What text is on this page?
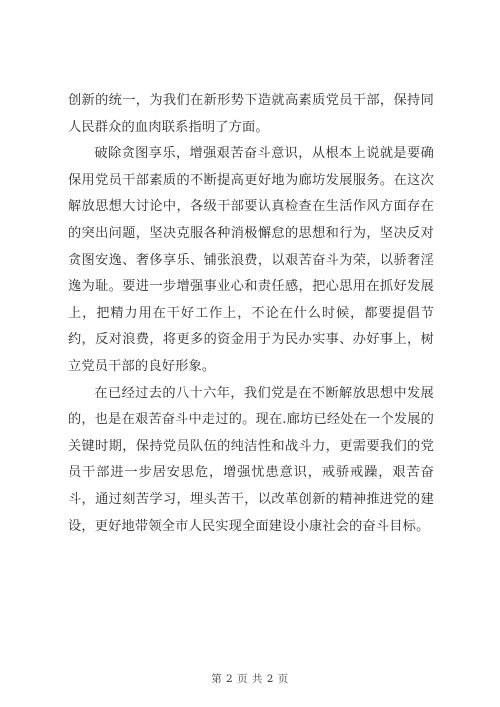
创新的统一，为我们在新形势下造就高素质党员干部，保持同人民群众的血肉联系指明了方面。

破除贪图享乐，增强艰苦奋斗意识，从根本上说就是要确保用党员干部素质的不断提高更好地为廊坊发展服务。在这次解放思想大讨论中，各级干部要认真检查在生活作风方面存在的突出问题，坚决克服各种消极懈怠的思想和行为，坚决反对贪图安逸、奢侈享乐、铺张浪费，以艰苦奋斗为荣，以骄奢淫逸为耻。要进一步增强事业心和责任感，把心思用在抓好发展上，把精力用在干好工作上，不论在什么时候，都要提倡节约，反对浪费，将更多的资金用于为民办实事、办好事上，树立党员干部的良好形象。

在已经过去的八十六年，我们党是在不断解放思想中发展的，也是在艰苦奋斗中走过的。现在.廊坊已经处在一个发展的关键时期，保持党员队伍的纯洁性和战斗力，更需要我们的党员干部进一步居安思危，增强忧患意识，戒骄戒躁，艰苦奋斗，通过刻苦学习，埋头苦干，以改革创新的精神推进党的建设，更好地带领全市人民实现全面建设小康社会的奋斗目标。

第 2 页 共 2 页
